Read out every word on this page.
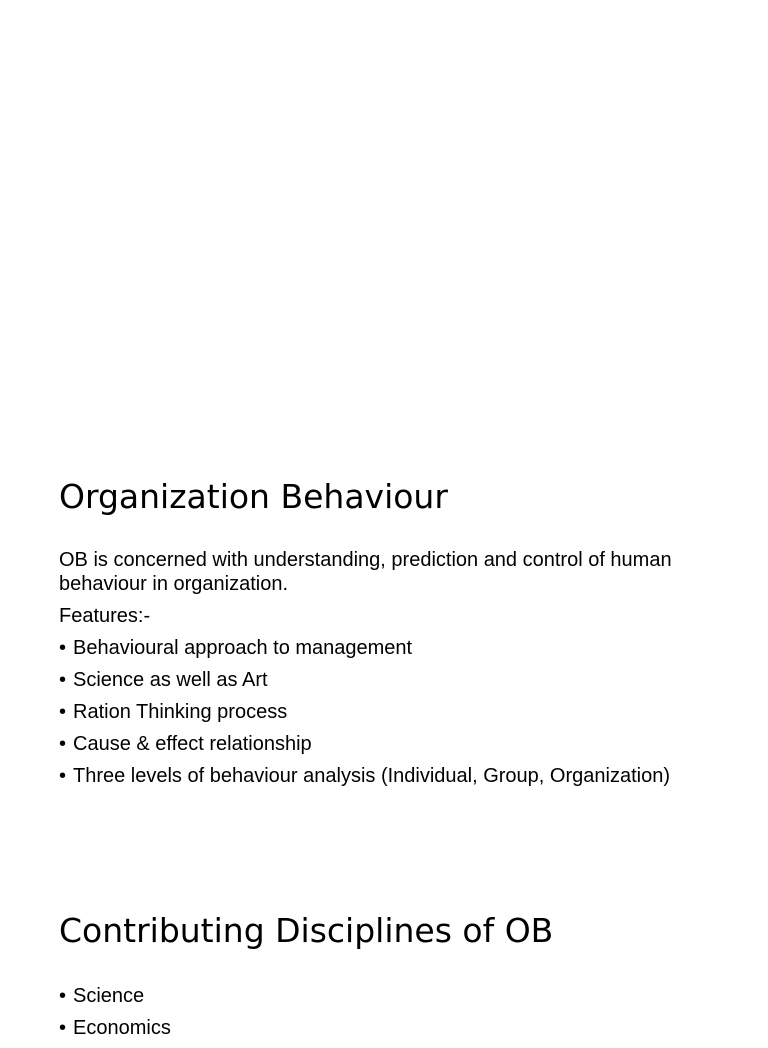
Organization Behaviour

OB is concerned with understanding, prediction and control of human behaviour in organization.

Features:-

• Behavioural approach to management
• Science as well as Art
• Ration Thinking process
• Cause & effect relationship
• Three levels of behaviour analysis (Individual, Group, Organization)
Contributing Disciplines of OB
• Science
• Economics
